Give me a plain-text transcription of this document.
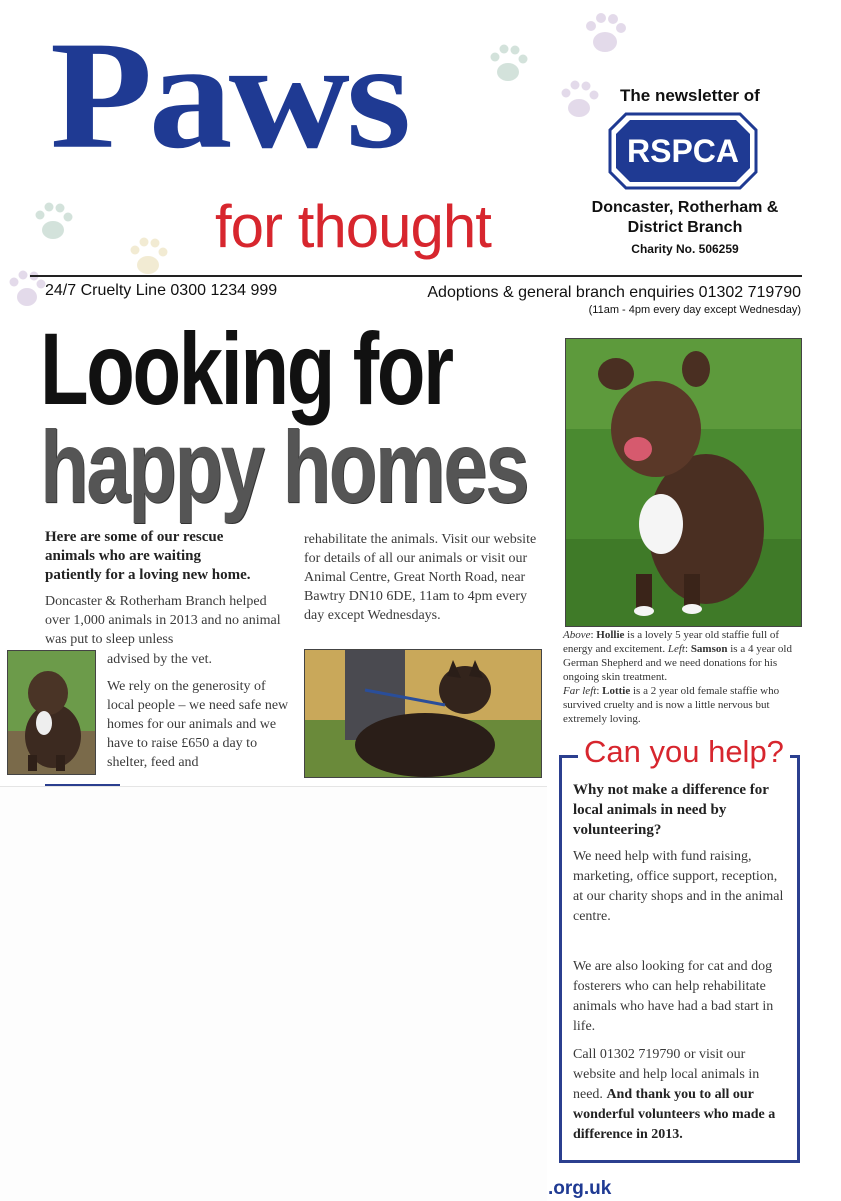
Paws
for thought
The newsletter of
RSPCA
Doncaster, Rotherham &
District Branch
Charity No. 506259
24/7 Cruelty Line 0300 1234 999	Adoptions & general branch enquiries 01302 719790
(11am - 4pm every day except Wednesday)
Looking for
happy homes
Here are some of our rescue animals who are waiting patiently for a loving new home.
Doncaster & Rotherham Branch helped over 1,000 animals in 2013 and no animal was put to sleep unless
advised by the vet.
We rely on the generosity of local people – we need safe new homes for our animals and we have to raise £650 a day to shelter, feed and
rehabilitate the animals. Visit our website for details of all our animals or visit our Animal Centre, Great North Road, near Bawtry DN10 6DE, 11am to 4pm every day except Wednesdays.
Above: Hollie is a lovely 5 year old staffie full of energy and excitement. Left: Samson is a 4 year old German Shepherd and we need donations for his ongoing skin treatment.
Far left: Lottie is a 2 year old female staffie who survived cruelty and is now a little nervous but extremely loving.
Can you help?
Why not make a difference for local animals in need by volunteering?
We need help with fund raising, marketing, office support, reception, at our charity shops and in the animal centre.
We are also looking for cat and dog fosterers who can help rehabilitate animals who have had a bad start in life.
Call 01302 719790 or visit our website and help local animals in need. And thank you to all our wonderful volunteers who made a difference in 2013.
.org.uk
